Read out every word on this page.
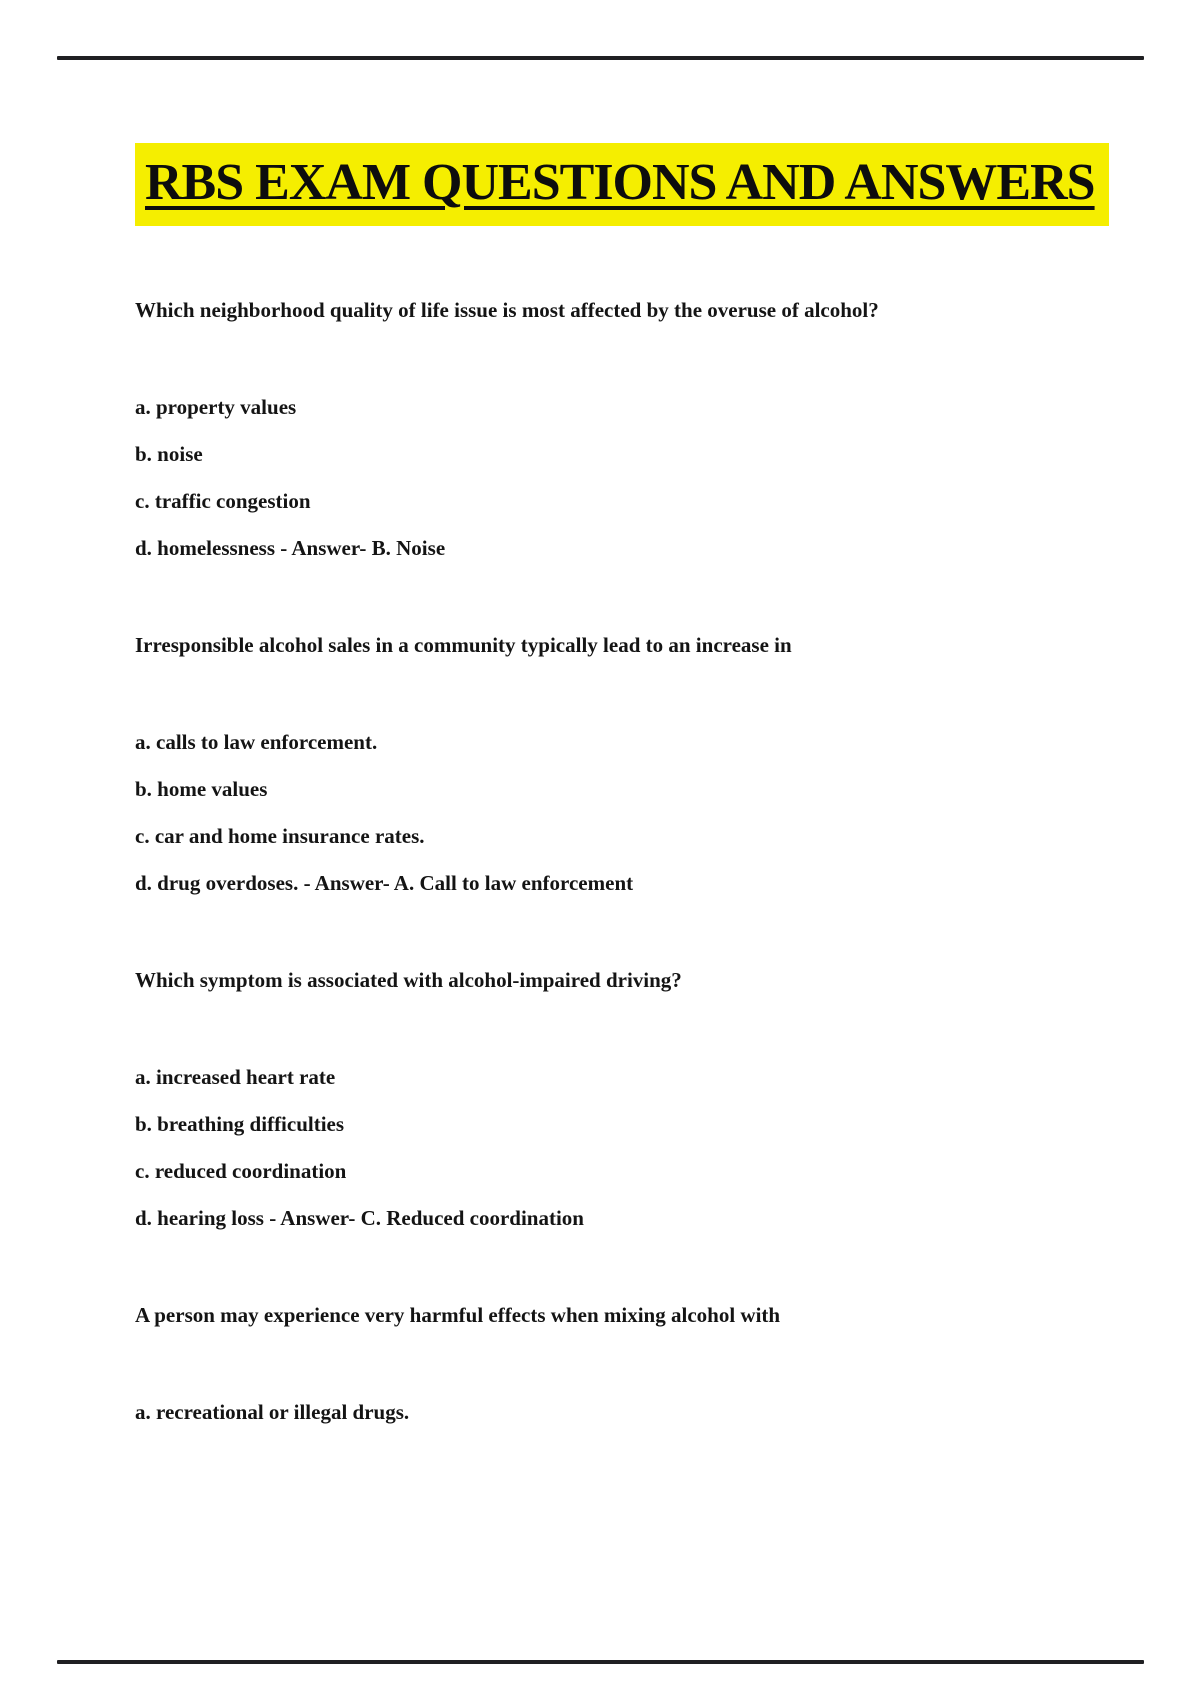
RBS EXAM QUESTIONS AND ANSWERS

Which neighborhood quality of life issue is most affected by the overuse of alcohol?

a. property values

b. noise

c. traffic congestion

d. homelessness - Answer- B. Noise

Irresponsible alcohol sales in a community typically lead to an increase in

a. calls to law enforcement.

b. home values

c. car and home insurance rates.

d. drug overdoses. - Answer- A. Call to law enforcement

Which symptom is associated with alcohol-impaired driving?

a. increased heart rate

b. breathing difficulties

c. reduced coordination

d. hearing loss - Answer- C. Reduced coordination

A person may experience very harmful effects when mixing alcohol with

a. recreational or illegal drugs.
